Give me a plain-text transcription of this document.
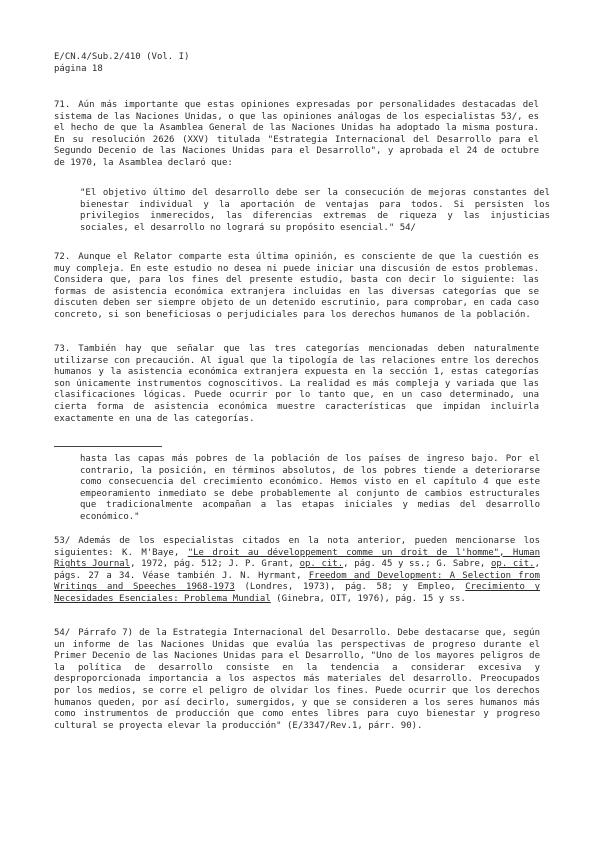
E/CN.4/Sub.2/410 (Vol. I)
página 18
71. Aún más importante que estas opiniones expresadas por personalidades destacadas del sistema de las Naciones Unidas, o que las opiniones análogas de los especialistas 53/, es el hecho de que la Asamblea General de las Naciones Unidas ha adoptado la misma postura. En su resolución 2626 (XXV) titulada "Estrategia Internacional del Desarrollo para el Segundo Decenio de las Naciones Unidas para el Desarrollo", y aprobada el 24 de octubre de 1970, la Asamblea declaró que:
"El objetivo último del desarrollo debe ser la consecución de mejoras constantes del bienestar individual y la aportación de ventajas para todos. Si persisten los privilegios inmerecidos, las diferencias extremas de riqueza y las injusticias sociales, el desarrollo no logrará su propósito esencial." 54/
72. Aunque el Relator comparte esta última opinión, es consciente de que la cuestión es muy compleja. En este estudio no desea ni puede iniciar una discusión de estos problemas. Considera que, para los fines del presente estudio, basta con decir lo siguiente: las formas de asistencia económica extranjera incluidas en las diversas categorías que se discuten deben ser siempre objeto de un detenido escrutinio, para comprobar, en cada caso concreto, si son beneficiosas o perjudiciales para los derechos humanos de la población.
73. También hay que señalar que las tres categorías mencionadas deben naturalmente utilizarse con precaución. Al igual que la tipología de las relaciones entre los derechos humanos y la asistencia económica extranjera expuesta en la sección 1, estas categorías son únicamente instrumentos cognoscitivos. La realidad es más compleja y variada que las clasificaciones lógicas. Puede ocurrir por lo tanto que, en un caso determinado, una cierta forma de asistencia económica muestre características que impidan incluirla exactamente en una de las categorías.
hasta las capas más pobres de la población de los países de ingreso bajo. Por el contrario, la posición, en términos absolutos, de los pobres tiende a deteriorarse como consecuencia del crecimiento económico. Hemos visto en el capítulo 4 que este empeoramiento inmediato se debe probablemente al conjunto de cambios estructurales que tradicionalmente acompañan a las etapas iniciales y medias del desarrollo económico."
53/ Además de los especialistas citados en la nota anterior, pueden mencionarse los siguientes: K. M'Baye, "Le droit au développement comme un droit de l'homme", Human Rights Journal, 1972, pág. 512; J. P. Grant, op. cit., pág. 45 y ss.; G. Sabre, op. cit., págs. 27 a 34. Véase también J. N. Hyrmant, Freedom and Development: A Selection from Writings and Speeches 1968-1973 (Londres, 1973), pág. 58; y Empleo, Crecimiento y Necesidades Esenciales: Problema Mundial (Ginebra, OIT, 1976), pág. 15 y ss.
54/ Párrafo 7) de la Estrategia Internacional del Desarrollo. Debe destacarse que, según un informe de las Naciones Unidas que evalúa las perspectivas de progreso durante el Primer Decenio de las Naciones Unidas para el Desarrollo, "Uno de los mayores peligros de la política de desarrollo consiste en la tendencia a considerar excesiva y desproporcionada importancia a los aspectos más materiales del desarrollo. Preocupados por los medios, se corre el peligro de olvidar los fines. Puede ocurrir que los derechos humanos queden, por así decirlo, sumergidos, y que se consideren a los seres humanos más como instrumentos de producción que como entes libres para cuyo bienestar y progreso cultural se proyecta elevar la producción" (E/3347/Rev.1, párr. 90).
